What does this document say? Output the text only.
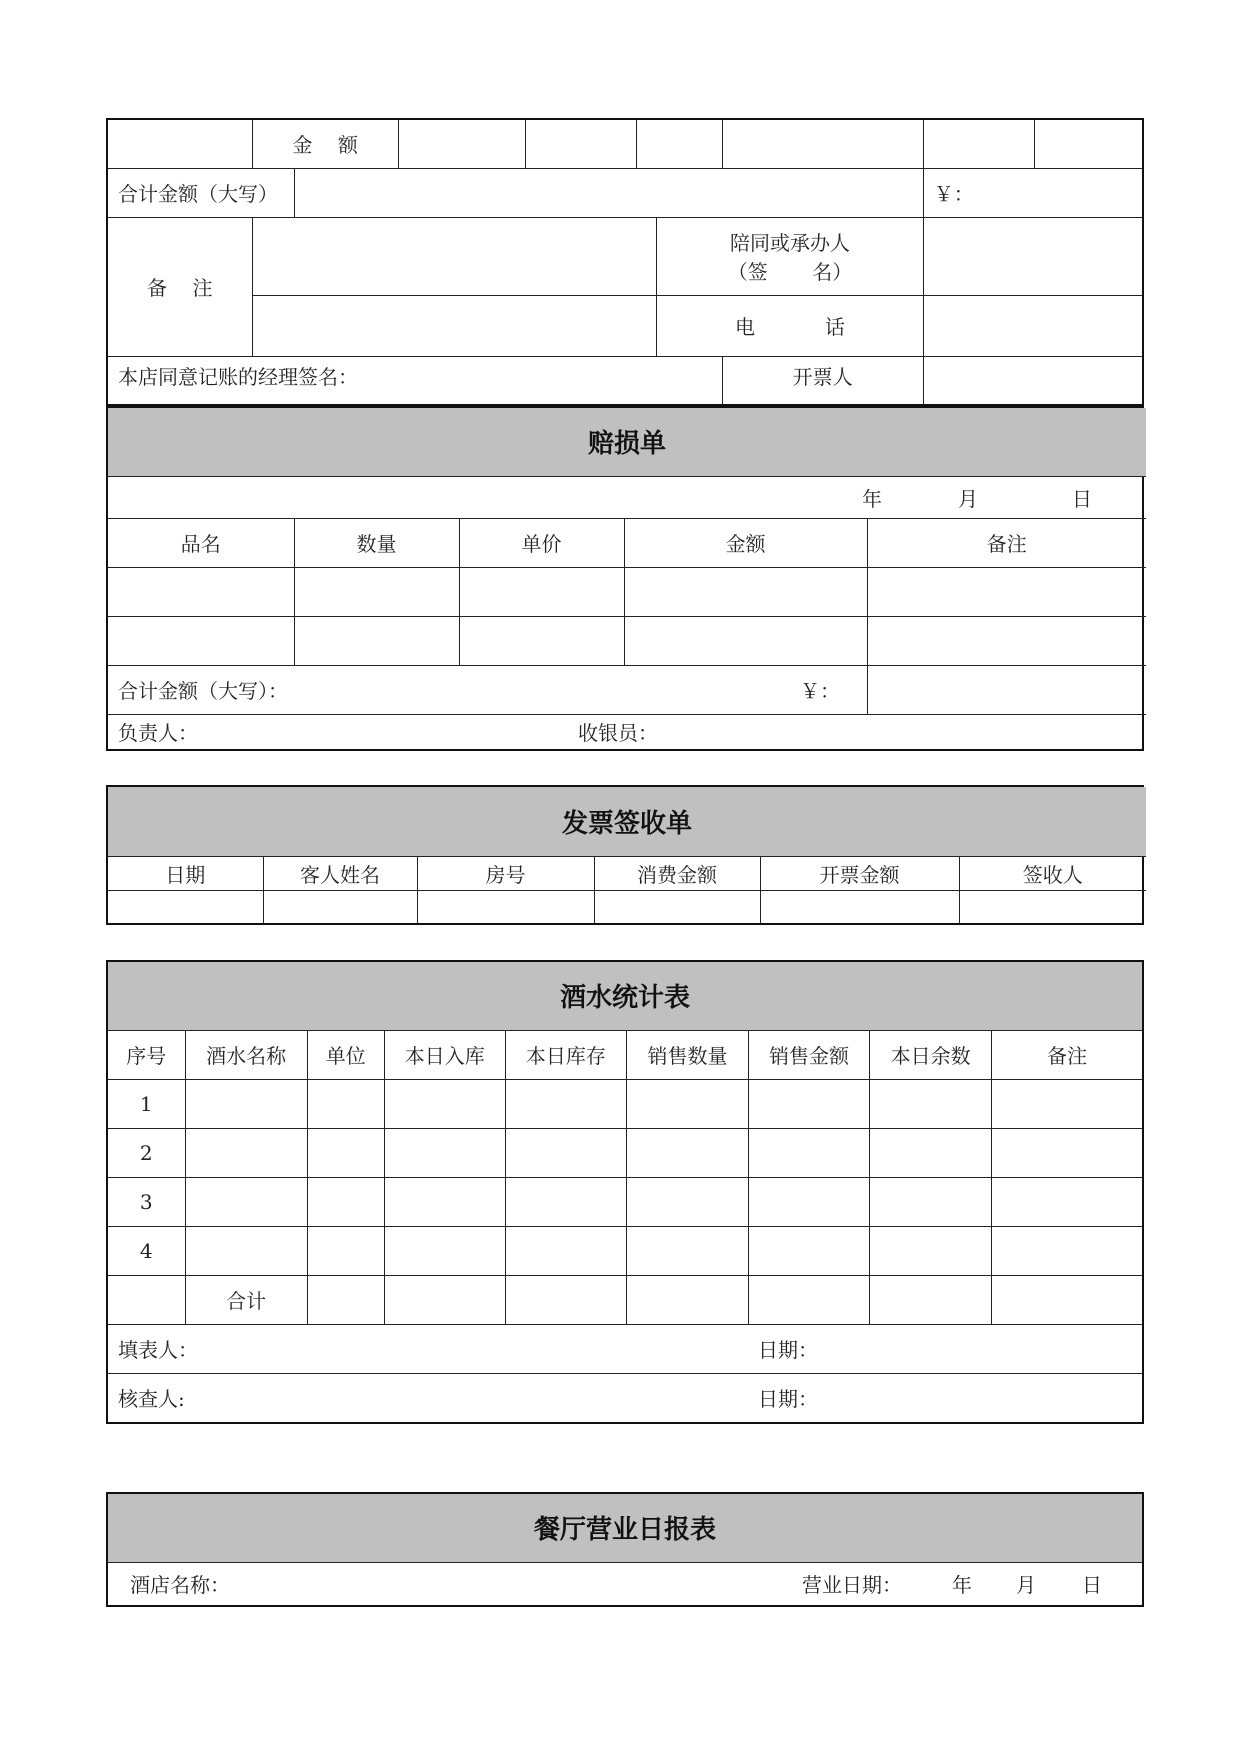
	金    额								
合计金额（大写）								￥：	
备    注						陪同或承办人
（签       名）			

						电           话			
本店同意记账的经理签名：							开票人		
赔损单				
年 月 日				
品名	数量	单价	金额	备注

合计金额（大写）： ￥：				
负责人： 收银员：				
发票签收单					
日期	客人姓名	房号	消费金额	开票金额	签收人

酒水统计表								
序号	酒水名称	单位	本日入库	本日库存	销售数量	销售金额	本日余数	备注
1								
2								
3								
4								
	合计							
填表人： 日期：								
核查人: 日期：								
餐厅营业日报表
酒店名称：	营业日期：	年 月 日
